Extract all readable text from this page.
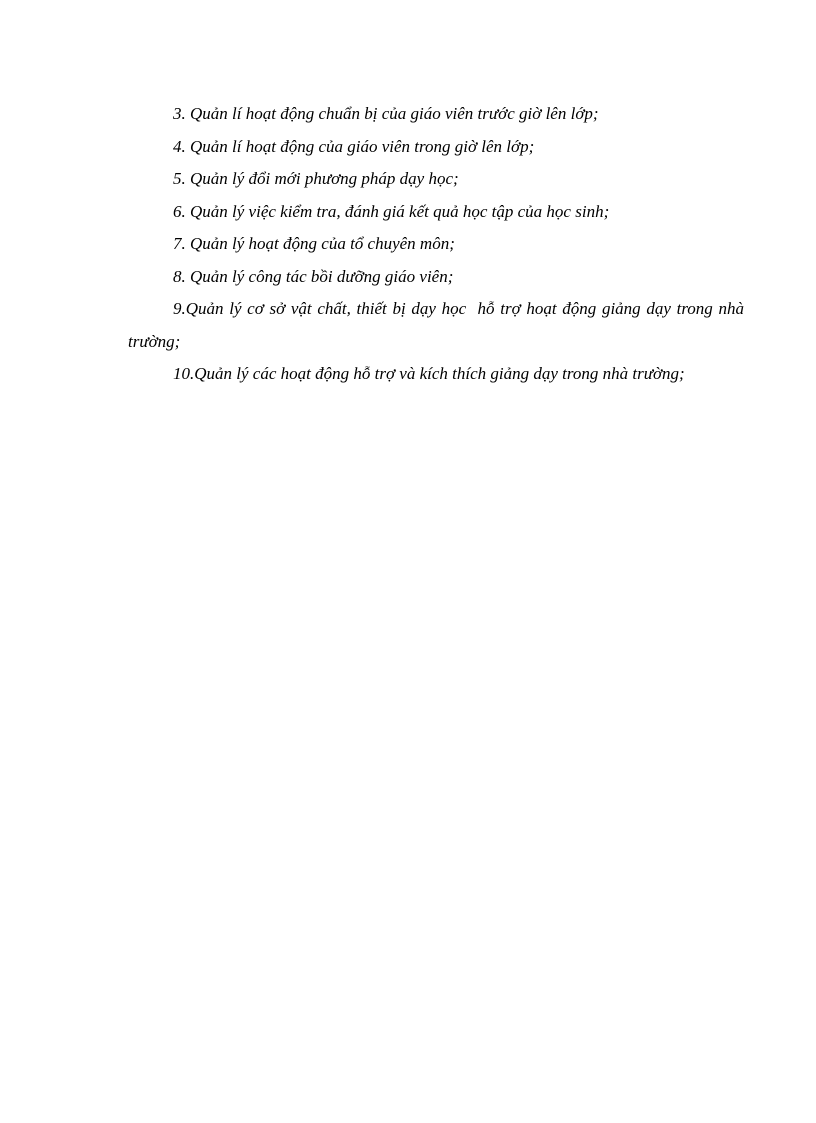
3. Quản lí hoạt động chuẩn bị của giáo viên trước giờ lên lớp;

4. Quản lí hoạt động của giáo viên trong giờ lên lớp;

5. Quản lý đổi mới phương pháp dạy học;

6. Quản lý việc kiểm tra, đánh giá kết quả học tập của học sinh;

7. Quản lý hoạt động của tổ chuyên môn;

8. Quản lý công tác bồi dưỡng giáo viên;

9.Quản lý cơ sở vật chất, thiết bị dạy học  hỗ trợ hoạt động giảng dạy trong nhà trường;

10.Quản lý các hoạt động hỗ trợ và kích thích giảng dạy trong nhà trường;
